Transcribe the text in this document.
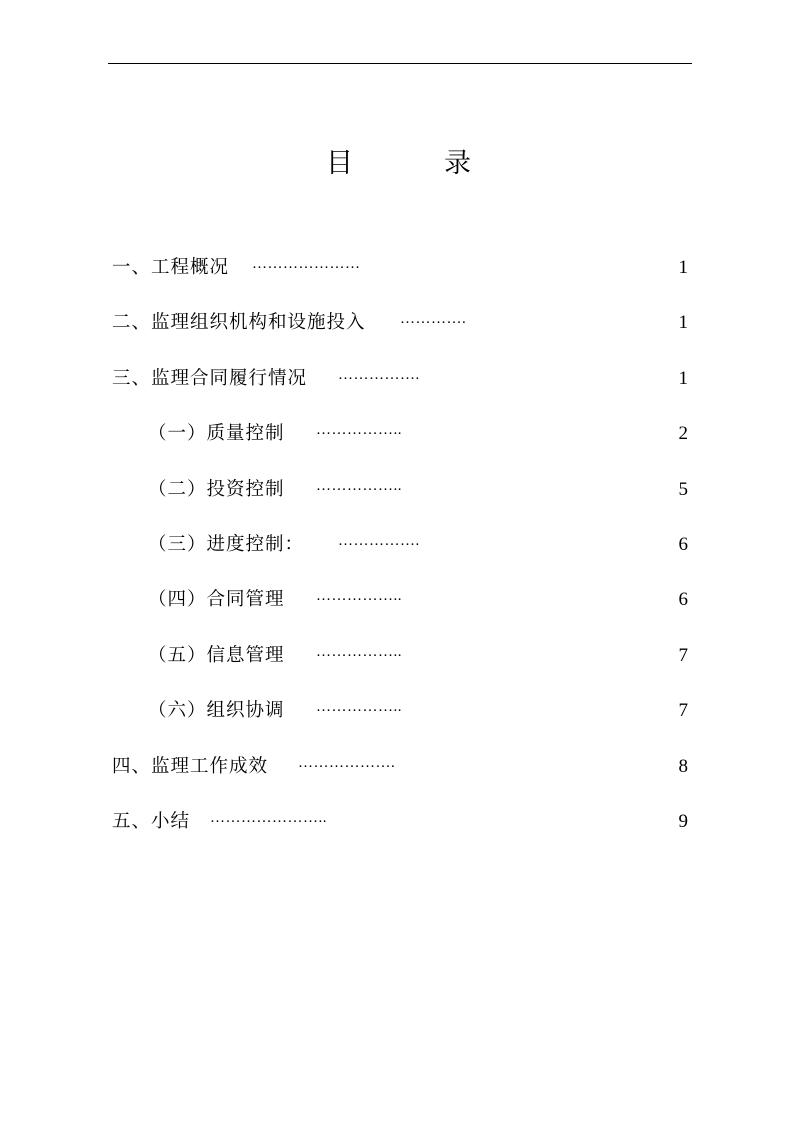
目	录
一、工程概况 …………………	1
二、监理组织机构和设施投入 ………….	1
三、监理合同履行情况 …………….	1
（一）质量控制 ……………..	2
（二）投资控制 ……………..	5
（三）进度控制： …………….	6
（四）合同管理 ……………..	6
（五）信息管理 ……………..	7
（六）组织协调 ……………..	7
四、监理工作成效 ……………….	8
五、小结 …………………..	9
